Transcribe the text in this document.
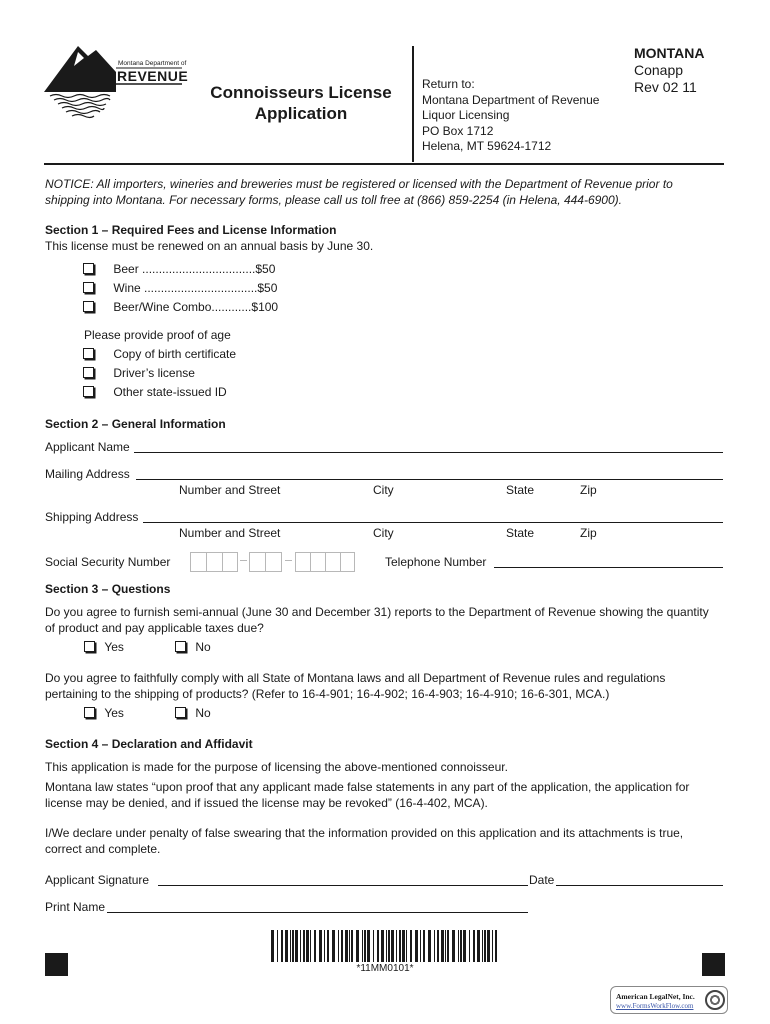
Montana Department of
REVENUE
Connoisseurs License
Application
Return to:
Montana Department of Revenue
Liquor Licensing
PO Box 1712
Helena, MT 59624-1712
MONTANA
Conapp
Rev 02 11
NOTICE: All importers, wineries and breweries must be registered or licensed with the Department of Revenue prior to
shipping into Montana. For necessary forms, please call us toll free at (866) 859-2254 (in Helena, 444-6900).
Section 1 – Required Fees and License Information
This license must be renewed on an annual basis by June 30.
Beer ..................................$50
Wine ..................................$50
Beer/Wine Combo............$100
Please provide proof of age
Copy of birth certificate
Driver’s license
Other state-issued ID
Section 2 – General Information
Applicant Name
Mailing Address
Number and Street	City	State	Zip
Shipping Address
Number and Street	City	State	Zip
Social Security Number	Telephone Number
Section 3 – Questions
Do you agree to furnish semi-annual (June 30 and December 31) reports to the Department of Revenue showing the quantity
of product and pay applicable taxes due?
Yes	No
Do you agree to faithfully comply with all State of Montana laws and all Department of Revenue rules and regulations
pertaining to the shipping of products? (Refer to 16-4-901; 16-4-902; 16-4-903; 16-4-910; 16-6-301, MCA.)
Yes	No
Section 4 – Declaration and Affidavit
This application is made for the purpose of licensing the above-mentioned connoisseur.
Montana law states “upon proof that any applicant made false statements in any part of the application, the application for
license may be denied, and if issued the license may be revoked” (16-4-402, MCA).
I/We declare under penalty of false swearing that the information provided on this application and its attachments is true,
correct and complete.
Applicant Signature	Date
Print Name
*11MM0101*
American LegalNet, Inc.
www.FormsWorkFlow.com
